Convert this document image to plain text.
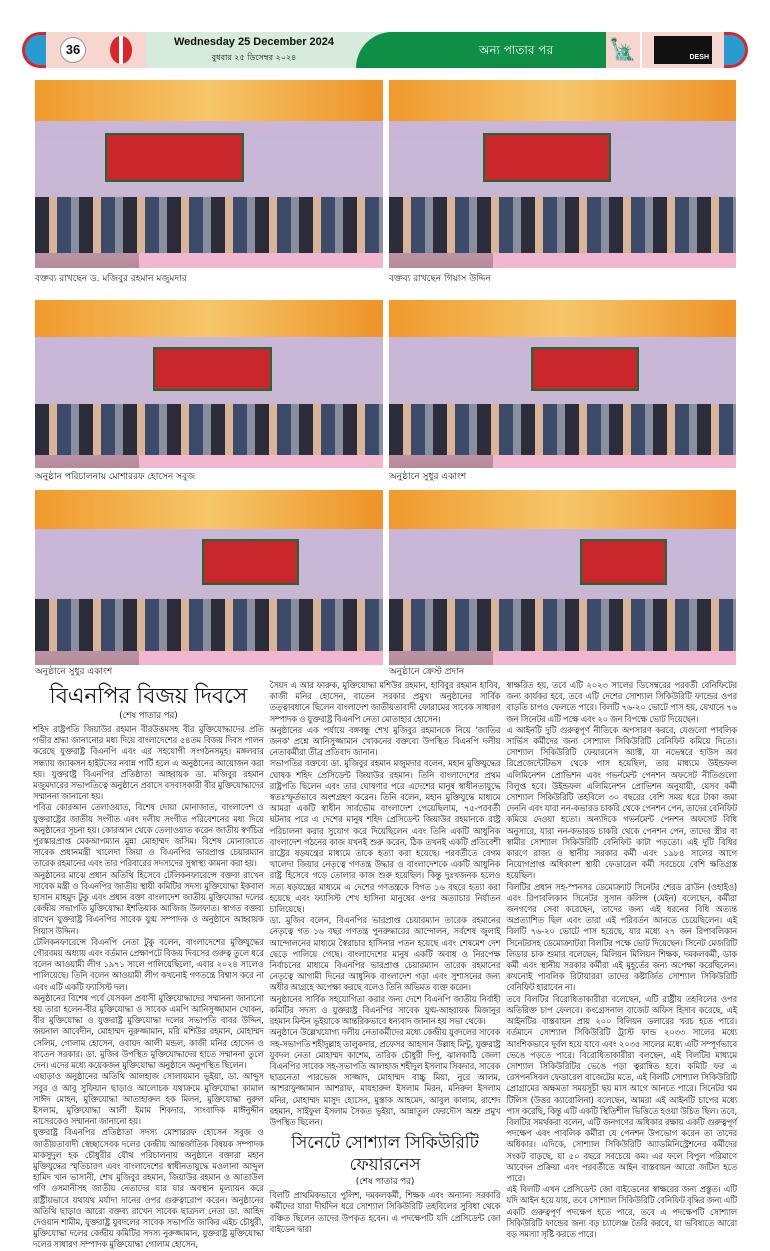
36	Wednesday 25 December 2024
বুধবার ২৫ ডিসেম্বর ২০২৪
অন্য পাতার পর	🗽	DESH
বক্তব্য রাখছেন ড. মজিবুর রহমান মজুমদার	বক্তব্য রাখছেন গিয়াস উদ্দিন
অনুষ্ঠান পরিচালনায় মোশাররফ হোসেন সবুজ	অনুষ্ঠানে সুধুর একাংশ
অনুষ্ঠানে সুধুর একাংশ	অনুষ্ঠানে ক্রেস্ট প্রদান
বিএনপির বিজয় দিবসে
(শেষ পাতার পর)

শহিদ রাষ্ট্রপতি জিয়াউর রহমান বীরউত্তমসহ বীর মুক্তিযোদ্ধাদের প্রতি গভীর শ্রদ্ধা জানানোর মধ্য দিয়ে বাংলাদেশের ৫৪তম বিজয় দিবস পালন করেছে যুক্তরাষ্ট্র বিএনপি এবং এর সহযোগী সংগঠনসমূহ। মঙ্গলবার সন্ধ্যায় জ্যাকসন হাইটসের নবান্ন পার্টি হলে এ অনুষ্ঠানের আয়োজন করা হয়। যুক্তরাষ্ট্র বিএনপির প্রতিষ্ঠাতা আহ্বায়ক ডা. মজিবুর রহমান মজুমদারের সভাপতিত্বে অনুষ্ঠানে প্রবাসে বসবাসকারী বীর মুক্তিযোদ্ধাদের সম্মাননা জানানো হয়।

পবিত্র কোরআন তেলাওয়াত, বিশেষ দোয়া মোনাজাত, বাংলাদেশ ও যুক্তরাষ্ট্রের জাতীয় সংগীত এবং দলীয় সংগীত পরিবেশনের মধ্য দিয়ে অনুষ্ঠানের সূচনা হয়। কোরআন থেকে তেলাওয়াত করেন জাতীয় স্বর্ণচিত্র পুরস্কারপ্রাপ্ত মেকআপম্যান মুন্না মোহাম্মদ জসিম। বিশেষ মোনাজাতে সাবেক প্রধানমন্ত্রী খালেদা জিয়া ও বিএনপির ভারপ্রাপ্ত চেয়ারম্যান তারেক রহমানের এবং তার পরিবারের সদস্যদের সুস্বাস্থ্য কামনা করা হয়।

অনুষ্ঠানের মাঝে প্রধান অতিথি হিসেবে টেলিকনফারেন্সে বক্তব্য রাখেন সাবেক মন্ত্রী ও বিএনপির জাতীয় স্থায়ী কমিটির সদস্য মুক্তিযোদ্ধা ইকবাল হাসান মাহমুদ টুকু এবং প্রধান বক্তা বাংলাদেশ জাতীয় মুক্তিযোদ্ধা দলের কেন্দ্রীয় সভাপতি মুক্তিযোদ্ধা ইশতিয়াক আজিজ উলফাত। স্বাগত বক্তব্য রাখেন যুক্তরাষ্ট্র বিএনপির সাবেক যুগ্ম সম্পাদক ও অনুষ্ঠানে আহ্বায়ক গিয়াস উদ্দিন।

টেলিকনফারেন্সে বিএনপি নেতা টুকু বলেন, বাংলাদেশের মুক্তিযুদ্ধের গৌরবময় অধ্যায় এবং বর্তমান প্রেক্ষাপটে বিজয় দিবসের গুরুত্ব তুলে ধরে বলেন আওয়ামী লীগ ১৯৭১ সালে পালিয়েছিলো, এবার ২০২৪ সালেও পালিয়েছে। তিনি বলেন আওয়ামী লীগ কখনোই গণতন্ত্রে বিশ্বাস করে না এবং এটি একটি ফ্যাসিস্ট দল।

অনুষ্ঠানের বিশেষ পর্বে যেসকল প্রবাসী মুক্তিযোদ্ধাদের সম্মাননা জানানো হয় তারা হলেন-বীর মুক্তিযোদ্ধা ও সাবেক এমপি আনিসুজ্জামান খোকন, বীর মুক্তিযোদ্ধা ও যুক্তরাষ্ট্র মুক্তিযোদ্ধা দলের সভাপতি বাবর উদ্দিন, জয়নাল আবেদীন, মোহাম্মদ নুরুজ্জামান, মরি মশিউর রহমান, মোহাম্মদ সেলিম, গোলাম হোসেন, ওবায়দ আলী মন্ডল, কাজী মনির হোসেন ও বাতেন সরকার। ডা. মুজিব উপস্থিত মুক্তিযোদ্ধাদের হাতে সম্মাননা তুলে দেন। এদের মধ্যে কয়েকজন মুক্তিযোদ্ধা অনুষ্ঠানে অনুপস্থিত ছিলেন।

এছাড়াও অনুষ্ঠানের অতিথি আলহাজ সোলায়মান ভূইয়া, ডা. আব্দুস সবুর ও আবু সুফিয়ান ছাড়াও আলোচক যথাক্রমে মুক্তিযোদ্ধা কামাল সাঈদ মোহন, মুক্তিযোদ্ধা আতাহারুল হক মিলন, মুক্তিযোদ্ধা নুরুল ইসলাম, মুক্তিযোদ্ধা আলী ইমাম শিকদার, সাংবাদিক মাঈনুদ্দীন নাসেরকেও সম্মাননা জানানো হয়।

যুক্তরাষ্ট্র বিএনপির প্রতিষ্ঠাতা সদস্য মোশাররফ হোসেন সবুজ ও জাতীয়তাবাদী স্বেচ্ছাসেবক দলের কেন্দ্রীয় আন্তর্জাতিক বিষয়ক সম্পাদক মাকসুদুল হক চৌধুরীর যৌথ পরিচালনায় অনুষ্ঠানে বক্তারা মহান মুক্তিযুদ্ধের স্মৃতিচারণ এবং বাংলাদেশের স্বাধীনতাযুদ্ধে মওলানা আব্দুল হামিদ খান ভাসানী, শেখ মুজিবুর রহমান, জিয়াউর রহমান ও আতাউল গণি ওসমানীসহ জাতীয় নেতাদের যার যার অবস্থান মূল্যায়ন করে রাষ্ট্রীয়ভাবে যথাযথ মর্যাদা দানের ওপর গুরুত্বারোপ করেন। অনুষ্ঠানের অতিথি ছাড়াও আরো বক্তব্য রাখেন সাবেক ছাত্রদল নেতা ডা. আহিদ দেওয়ান শামীম, যুক্তরাষ্ট্র যুবদলের সাবেক সভাপতি জাকির এইচ চৌধুরী, মুক্তিযোদ্ধা দলের কেন্দ্রীয় কমিটির সদস্য নুরুজ্জামান, যুক্তরাষ্ট্র মুক্তিযোদ্ধা দলের সাধারণ সম্পাদক মুক্তিযোদ্ধা গোলাম হোসেন,

সৈয়দ এ আর ফারুক, মুক্তিযোদ্ধা মশিউর রহমান, হাবিবুর রহমান হাবিব, কাজী মনির হোসেন, বাতেন সরকার প্রমুখ। অনুষ্ঠানের সার্বিক তত্ত্বাবধানে ছিলেন বাংলাদেশ জাতীয়তাবাদী ফোরামের সাবেক সাধারণ সম্পাদক ও যুক্তরাষ্ট্র বিএনপি নেতা মোতাহার হোসেন।

অনুষ্ঠানের এক পর্যায়ে বঙ্গবন্ধু শেখ মুজিবুর রহমানকে নিয়ে 'জাতির জনক' প্রশ্নে আনিসুজ্জামান খোকনের বক্তব্যে উপস্থিত বিএনপি দলীয় নেতাকর্মীরা তীব্র প্রতিবাদ জানান।

সভাপতির বক্তব্যে ডা. মুজিবুর রহমান মজুমদার বলেন, মহান মুক্তিযুদ্ধের ঘোষক শহিদ প্রেসিডেন্ট জিয়াউর রহমান। তিনি বাংলাদেশের প্রথম রাষ্ট্রপতি ছিলেন এবং তার ঘোষণার পরে এদেশের মানুষ স্বাধীনতাযুদ্ধে স্বতঃস্ফূর্তভাবে অংশগ্রহণ করেন। তিনি বলেন, মহান মুক্তিযুদ্ধে মাধ্যমে আমরা একটি স্বাধীন সার্বভৌম বাংলাদেশ পেয়েছিলাম, ৭৫-পরবর্তী ঘটনার পরে এ দেশের মানুষ শহিদ প্রেসিডেন্ট জিয়াউর রহমানকে রাষ্ট্র পরিচালনা করার সুযোগ করে দিয়েছিলেন এবং তিনি একটি আধুনিক বাংলাদেশ গঠনের কাজ যখনই শুরু করেন, ঠিক তখনই একটি প্রতিবেশী রাষ্ট্রের ষড়যন্ত্রের মাধ্যমে তাকে হত্যা করা হয়েছে। পরবর্তীতে বেগম খালেদা জিয়ার নেতৃত্বে গণতন্ত্র উদ্ধার ও বাংলাদেশকে একটি আধুনিক রাষ্ট্র হিসেবে গড়ে তোলার কাজ শুরু হয়েছিল। কিন্তু দুঃখজনক হলেও সত্য ষড়যন্ত্রের মাধ্যমে এ দেশের গণতন্ত্রকে বিগত ১৬ বছরে হত্যা করা হয়েছে এবং ফ্যাসিস্ট শেখ হাসিনা মানুষের ওপর অত্যাচার নির্যাতন চালিয়েছে।

ডা. মুজিব বলেন, বিএনপির ভারপ্রাপ্ত চেয়ারম্যান তারেক রহমানের নেতৃত্বে গত ১৬ বছর গণতন্ত্র পুনরুদ্ধারের আন্দোলন, সর্বশেষ জুলাই আন্দোলনের মাধ্যমে স্বৈরাচার হাসিনার পতন হয়েছে এবং শেষমেশ দেশ ছেড়ে পালিয়ে গেছে। বাংলাদেশের মানুষ একটি অবাধ ও নিরপেক্ষ নির্বাচনের মাধ্যমে বিএনপির ভারপ্রাপ্ত চেয়ারম্যান তারেক রহমানের নেতৃত্বে আগামী দিনের আধুনিক বাংলাদেশ গড়া এবং সুশাসনের জন্য অধীর আগ্রহে অপেক্ষা করছে বলেও তিনি অভিমত ব্যক্ত করেন।

অনুষ্ঠানের সার্বিক সহযোগিতা করার জন্য দেশে বিএনপি জাতীয় নির্বাহী কমিটির সদস্য ও যুক্তরাষ্ট্র বিএনপির সাবেক যুগ্ম-আহ্বায়ক মিজানুর রহমান মিল্টন ভূইয়াকে আন্তরিকভাবে ধন্যবাদ জানান হয় সভা থেকে।

অনুষ্ঠানে উল্লেখযোগ্য দলীয় নেতাকর্মীদের মধ্যে কেন্দ্রীয় যুবদলের সাবেক সহ-সভাপতি শহীদুল্লাহ তালুকদার, প্রফেসর আহসান উল্লাহ মিন্টু, যুক্তরাষ্ট্র যুবদল নেতা মোহাম্মদ কাশেম, তারিক চৌধুরী দিপু, ঝালকাঠি জেলা বিএনপির সাবেক সহ-সভাপতি আলহাজ শহীদুল ইসলাম সিকদার, সাবেক ছাত্রনেতা পারভেজ সাজ্জাদ, মোহাম্মদ বাচ্চু মিয়া, নুরে আলম, আশরাফুজ্জামান আশরাফ, মাযহারুল ইসলাম মিরন, মনিরুল ইসলাম মনির, মোহাম্মদ মাসুদ হোসেন, মুস্তাক আহমেদ, আবুল কালাম, রাশেদ রহমান, সাইফুল ইসলাম সৈকত ভূইয়া, আন্নাতুল ফেরদৌস অশ্রু প্রমুখ উপস্থিত ছিলেন।

সিনেটে সোশ্যাল সিকিউরিটি ফেয়ারনেস
(শেষ পাতার পর)

বিলটি প্রাথমিকভাবে পুলিশ, দমকলকর্মী, শিক্ষক এবং অন্যান্য সরকারি কর্মীদের যারা দীর্ঘদিন ধরে সোশ্যাল সিকিউরিটি তহবিলের সুবিধা থেকে বঞ্চিত ছিলেন তাদের উপকৃত হবেন। এ পদক্ষেপটি যদি প্রেসিডেন্ট জো বাইডেন দ্বারা

স্বাক্ষরিত হয়, তবে এটি ২০২৩ সালের ডিসেম্বরের পরবর্তী বেনিফিটের জন্য কার্যকর হবে, তবে এটি দেশের সোশ্যাল সিকিউরিটি ফান্ডের ওপর বাড়তি চাপও ফেলতে পারে। বিলটি ৭৬-২০ ভোটে পাস হয়, যেখানে ৭৬ জন সিনেটর এটি পক্ষে এবং ২০ জন বিপক্ষে ভোট দিয়েছেন।

এ আইনটি দুটি গুরুত্বপূর্ণ নীতিকে অপসারণ করবে, যেগুলো পাবলিক সার্ভিস কর্মীদের জন্য সোশ্যাল সিকিউরিটি বেনিফিট কমিয়ে দিতো। সোশ্যাল সিকিউরিটি ফেয়ারনেস অ্যাক্ট, যা নভেম্বরে হাউস অব রিপ্রেজেন্টেটিভস থেকে পাস হয়েছিল, তার মাধ্যমে উইন্ডফল এলিমিনেশন প্রোভিশন এবং গভর্নমেন্ট পেনশন অফসেট নীতিগুলো বিলুপ্ত হবে। উইন্ডফল এলিমিনেশন প্রোভিশন অনুযায়ী, যেসব কর্মী সোশ্যাল সিকিউরিটি তহবিলে ৩০ বছরের বেশি সময় ধরে টাকা জমা দেননি এবং যারা নন-কভারড চাকরি থেকে পেনশন পেন, তাদের বেনিফিট কমিয়ে দেওয়া হতো। অন্যদিকে গভর্নমেন্ট পেনশন অফসেট বিধি অনুসারে, যারা নন-কভারড চাকরি থেকে পেনশন পেন, তাদের স্ত্রীর বা স্বামীর সোশ্যাল সিকিউরিটি বেনিফিট কাটা পড়তো। এই দুটি বিধির কারণে রাজ্য ও স্থানীয় সরকার কর্মী এবং ১৯৮৪ সালের আগে নিয়োগপ্রাপ্ত অধিকাংশ স্থায়ী ফেডারেল কর্মী সবচেয়ে বেশি ক্ষতিগ্রস্ত হয়েছিল।

বিলটির প্রধান সহ-স্পনসর ডেমোক্র্যাট সিনেটর শেরড ব্রাউন (ওহাইও) এবং রিপাবলিকান সিনেটর সুসান কলিন্স (মেইন) বলেছেন, কর্মীরা জনগণের সেবা করেছেন, তাদের জন্য এই ধরনের বিধি অত্যন্ত অপ্রত্যাশিত ছিল এবং তারা এই পরিবর্তন আনতে চেয়েছিলেন। এই বিলটি ৭৬-২০ ভোটে পাস হয়েছে, যার মধ্যে ২৭ জন রিপাবলিকান সিনেটরসহ ডেমোক্র্যাটরা বিলটির পক্ষে ভোট দিয়েছেন। সিনেট মেজরিটি লিডার চাক শুমার বলেছেন, মিলিয়ন মিলিয়ন শিক্ষক, দমকলকর্মী, ডাক কর্মী এবং স্থানীয় সরকার কর্মীরা এই মুহূর্তের জন্য অপেক্ষা করেছিলেন। কখনোই পাবলিক রিটায়াররা তাদের কষ্টার্জিত সোশ্যাল সিকিউরিটি বেনিফিট হারাবেন না।

তবে বিলটির বিরোধিতাকারীরা বলেছেন, এটি রাষ্ট্রীয় তহবিলের ওপর অতিরিক্ত চাপ ফেলবে। কংগ্রেসনাল বাজেট অফিস হিসাব করেছে, এই আইনটির বাস্তবায়ন প্রায় ২০০ বিলিয়ন ডলারের খরচ হতে পারে। বর্তমানে সোশ্যাল সিকিউরিটি ট্রাস্ট ফান্ড ২০৩৩ সালের মধ্যে আংশিকভাবে দুর্বল হয়ে যাবে এবং ২০৩৫ সালের মধ্যে এটি সম্পূর্ণভাবে ভেঙে পড়তে পারে। বিরোধিতাকারীরা বলছেন, এই বিলটির মাধ্যমে সোশ্যাল সিকিউরিটির ভেঙে পড়া ত্বরান্বিত হবে। কমিটি ফর এ রেসপনসিবল ফেডারেল বাজেটের মতে, এই বিলটি সোশ্যাল সিকিউরিটি প্রোগ্রামের অক্ষমতা সময়সূচী ছয় মাস আগে আনতে পারে। সিনেটর থম টিলিস (উত্তর ক্যারোলিনা) বলেছেন, আমরা এই আইনটি চাপের মধ্যে পাস করেছি, কিন্তু এটি একটি স্থিতিশীল ভিত্তিতে হওয়া উচিত ছিল। তবে, বিলটির সমর্থকরা বলেন, এটি জনগণের অধিকার রক্ষায় একটি গুরুত্বপূর্ণ পদক্ষেপ এবং পাবলিক কর্মীরা যে পেনশন উপভোগ করেন তা তাদের অধিকার। এদিকে, সোশ্যাল সিকিউরিটি অ্যাডমিনিস্ট্রেশনের কর্মীদের সংকট বাড়ছে, যা ৫০ বছরে সবচেয়ে কম। এর ফলে বিপুল পরিমাণে আবেদন প্রক্রিয়া এবং পরবর্তীতে আইন বাস্তবায়ন আরো জটিল হতে পারে।

এই বিলটি এখন প্রেসিডেন্ট জো বাইডেনের স্বাক্ষরের জন্য প্রস্তুত। এটি যদি আইন হয়ে যায়, তবে সোশ্যাল সিকিউরিটি বেনিফিট বৃদ্ধির জন্য এটি একটি গুরুত্বপূর্ণ পদক্ষেপ হতে পারে, তবে এ পদক্ষেপটি সোশ্যাল সিকিউরিটি ফান্ডের জন্য বড় চ্যালেঞ্জ তৈরি করবে, যা ভবিষ্যতে আরো বড় সমস্যা সৃষ্টি করতে পারে।
